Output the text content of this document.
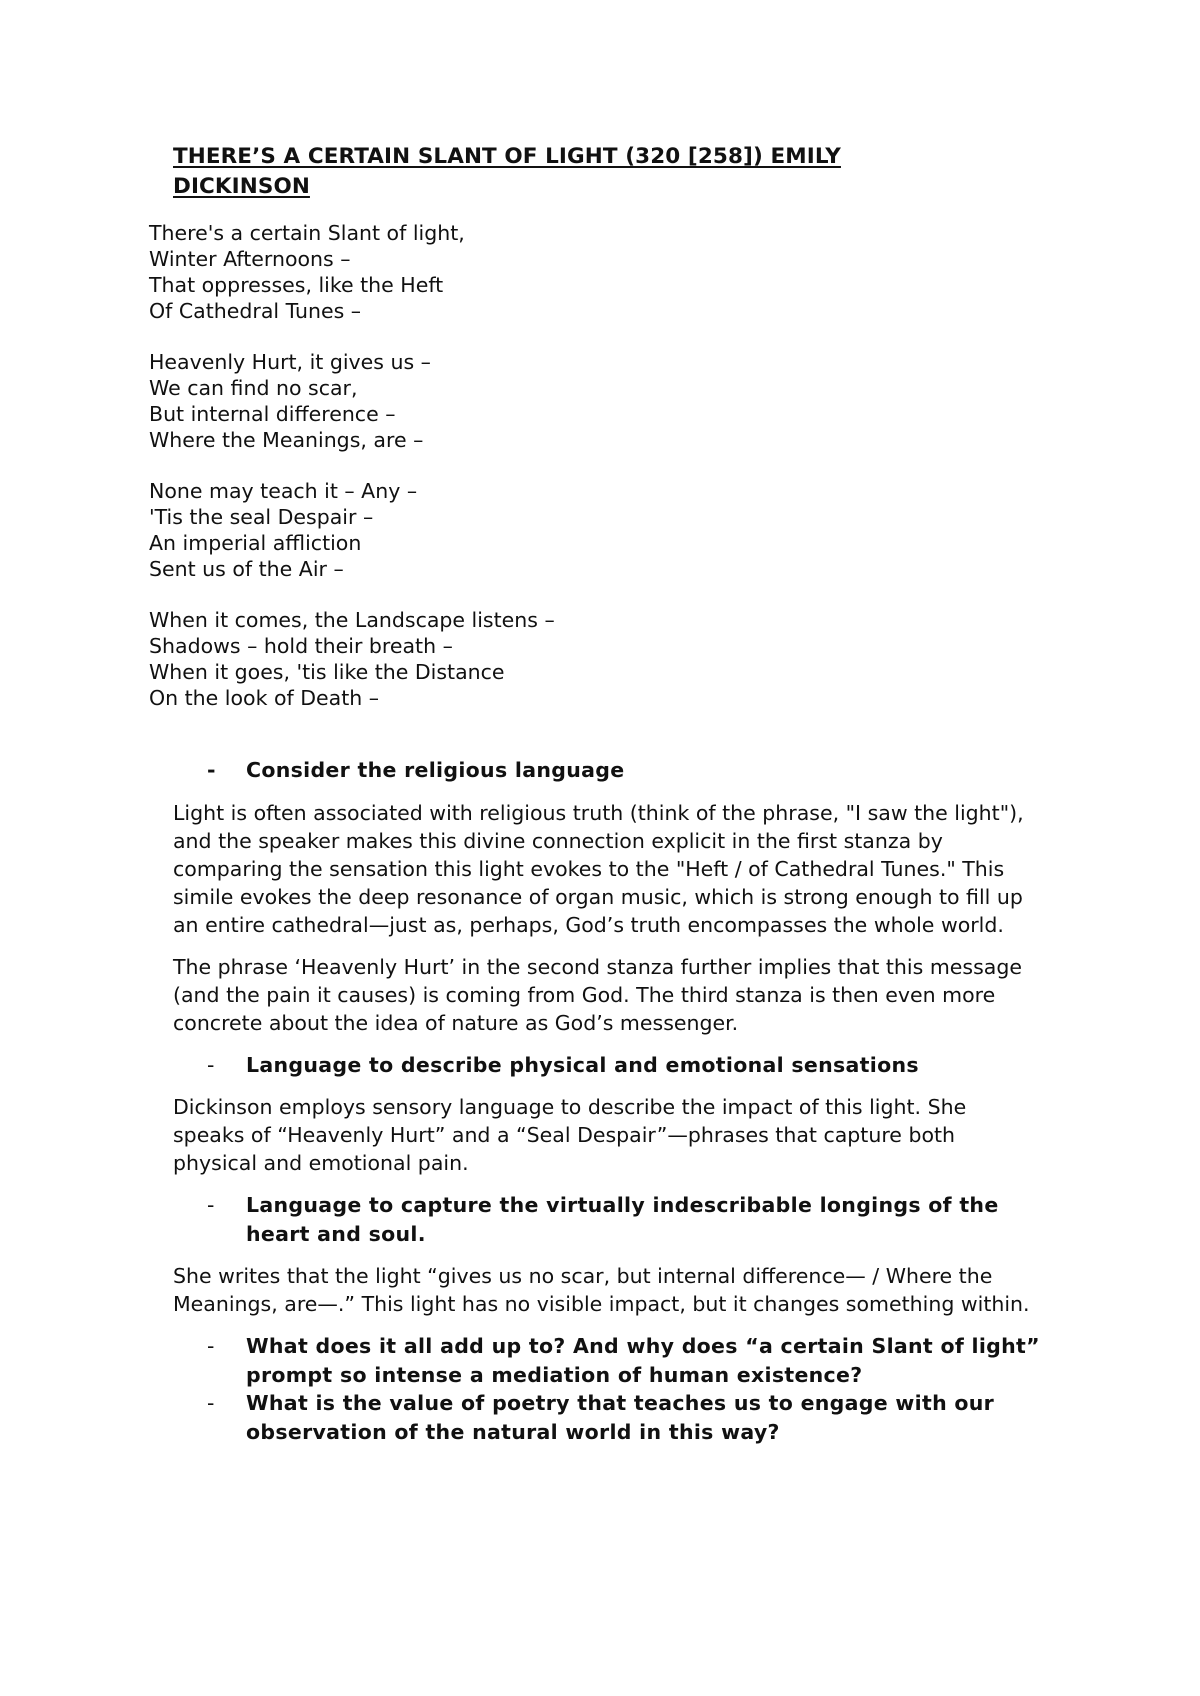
THERE’S A CERTAIN SLANT OF LIGHT (320 [258]) EMILY DICKINSON
There's a certain Slant of light,
Winter Afternoons –
That oppresses, like the Heft
Of Cathedral Tunes –
Heavenly Hurt, it gives us –
We can find no scar,
But internal difference –
Where the Meanings, are –
None may teach it – Any –
'Tis the seal Despair –
An imperial affliction
Sent us of the Air –
When it comes, the Landscape listens –
Shadows – hold their breath –
When it goes, 'tis like the Distance
On the look of Death –
-	Consider the religious language

Light is often associated with religious truth (think of the phrase, "I saw the light"), and the speaker makes this divine connection explicit in the first stanza by comparing the sensation this light evokes to the "Heft / of Cathedral Tunes." This simile evokes the deep resonance of organ music, which is strong enough to fill up an entire cathedral—just as, perhaps, God’s truth encompasses the whole world.

The phrase ‘Heavenly Hurt’ in the second stanza further implies that this message (and the pain it causes) is coming from God. The third stanza is then even more concrete about the idea of nature as God’s messenger.

-	Language to describe physical and emotional sensations

Dickinson employs sensory language to describe the impact of this light. She speaks of “Heavenly Hurt” and a “Seal Despair”—phrases that capture both physical and emotional pain.

-	Language to capture the virtually indescribable longings of the heart and soul.

She writes that the light “gives us no scar, but internal difference— / Where the Meanings, are—.” This light has no visible impact, but it changes something within.

-	What does it all add up to? And why does “a certain Slant of light” prompt so intense a mediation of human existence?
-	What is the value of poetry that teaches us to engage with our observation of the natural world in this way?
